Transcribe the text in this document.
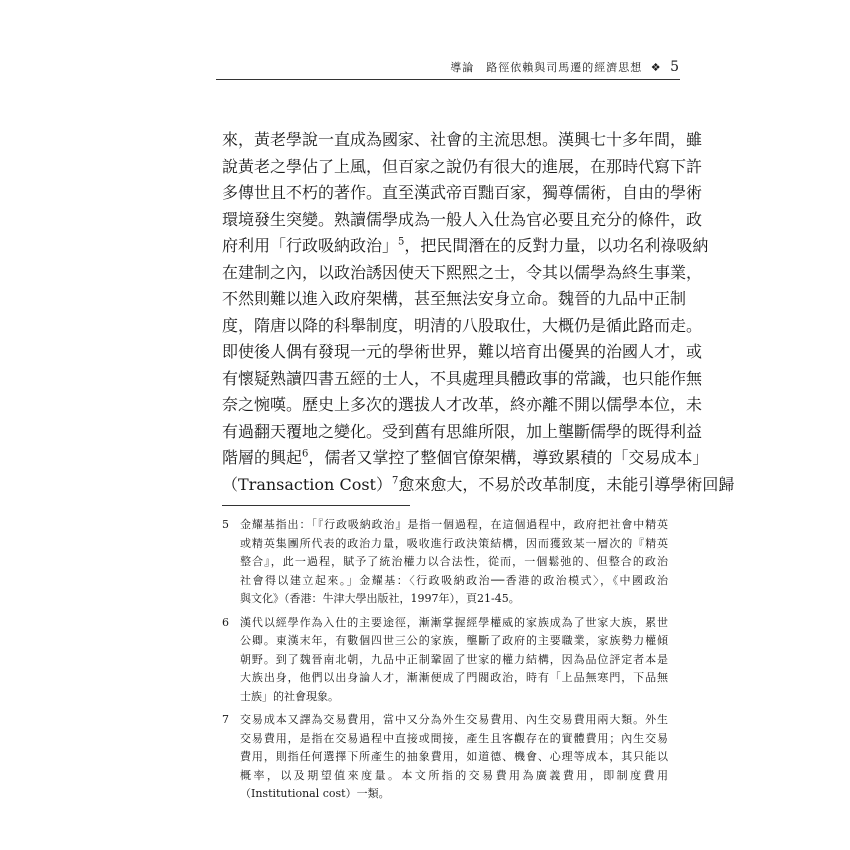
導論　路徑依賴與司馬遷的經濟思想 ❖ 5
來，黃老學說一直成為國家、社會的主流思想。漢興七十多年間，雖
說黃老之學佔了上風，但百家之說仍有很大的進展，在那時代寫下許
多傳世且不朽的著作。直至漢武帝百黜百家，獨尊儒術，自由的學術
環境發生突變。熟讀儒學成為一般人入仕為官必要且充分的條件，政
府利用「行政吸納政治」$^5$，把民間潛在的反對力量，以功名利祿吸納
在建制之內，以政治誘因使天下熙熙之士，令其以儒學為終生事業，
不然則難以進入政府架構，甚至無法安身立命。魏晉的九品中正制
度，隋唐以降的科舉制度，明清的八股取仕，大概仍是循此路而走。
即使後人偶有發現一元的學術世界，難以培育出優異的治國人才，或
有懷疑熟讀四書五經的士人，不具處理具體政事的常識，也只能作無
奈之惋嘆。歷史上多次的選拔人才改革，終亦離不開以儒學本位，未
有過翻天覆地之變化。受到舊有思維所限，加上壟斷儒學的既得利益
階層的興起$^6$，儒者又掌控了整個官僚架構，導致累積的「交易成本」
（Transaction Cost）$^7$愈來愈大，不易於改革制度，未能引導學術回歸
5	金耀基指出：「『行政吸納政治』是指一個過程，在這個過程中，政府把社會中精英
或精英集團所代表的政治力量，吸收進行政決策結構，因而獲致某一層次的『精英
整合』，此一過程，賦予了統治權力以合法性，從而，一個鬆弛的、但整合的政治
社會得以建立起來。」金耀基：〈行政吸納政治──香港的政治模式〉，《中國政治
與文化》（香港：牛津大學出版社，1997年），頁21-45。
6	漢代以經學作為入仕的主要途徑，漸漸掌握經學權威的家族成為了世家大族，累世
公卿。東漢末年，有數個四世三公的家族，壟斷了政府的主要職業，家族勢力權傾
朝野。到了魏晉南北朝，九品中正制鞏固了世家的權力結構，因為品位評定者本是
大族出身，他們以出身論人才，漸漸便成了門閥政治，時有「上品無寒門，下品無
士族」的社會現象。
7	交易成本又譯為交易費用，當中又分為外生交易費用、內生交易費用兩大類。外生
交易費用，是指在交易過程中直接或間接，產生且客觀存在的實體費用；內生交易
費用，則指任何選擇下所產生的抽象費用，如道德、機會、心理等成本，其只能以
概率，以及期望值來度量。本文所指的交易費用為廣義費用，即制度費用
（Institutional cost）一類。
